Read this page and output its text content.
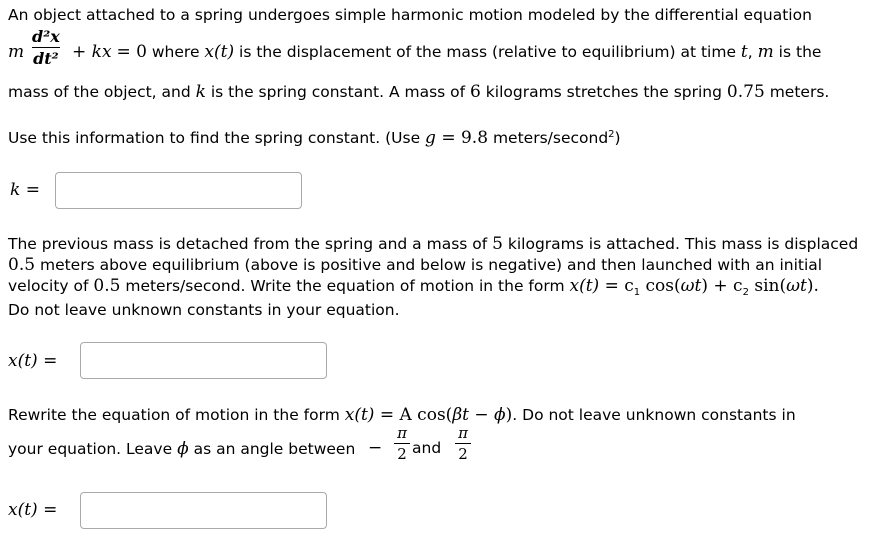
An object attached to a spring undergoes simple harmonic motion modeled by the differential equation
d²x
dt²
m	+ kx = 0 where x(t) is the displacement of the mass (relative to equilibrium) at time t, m is the
mass of the object, and k is the spring constant. A mass of 6 kilograms stretches the spring 0.75 meters.
Use this information to find the spring constant. (Use g = 9.8 meters/second$^2$)
k =
The previous mass is detached from the spring and a mass of 5 kilograms is attached. This mass is displaced
0.5 meters above equilibrium (above is positive and below is negative) and then launched with an initial
velocity of 0.5 meters/second. Write the equation of motion in the form $x(t) = c_1$ $\cos(\omega t) + c_2$ sin(ωt).
Do not leave unknown constants in your equation.
x(t) =
Rewrite the equation of motion in the form x(t) = A cos(βt − ϕ). Do not leave unknown constants in
your equation. Leave ϕ as an angle between −
π
2 and
π
2
x(t) =
